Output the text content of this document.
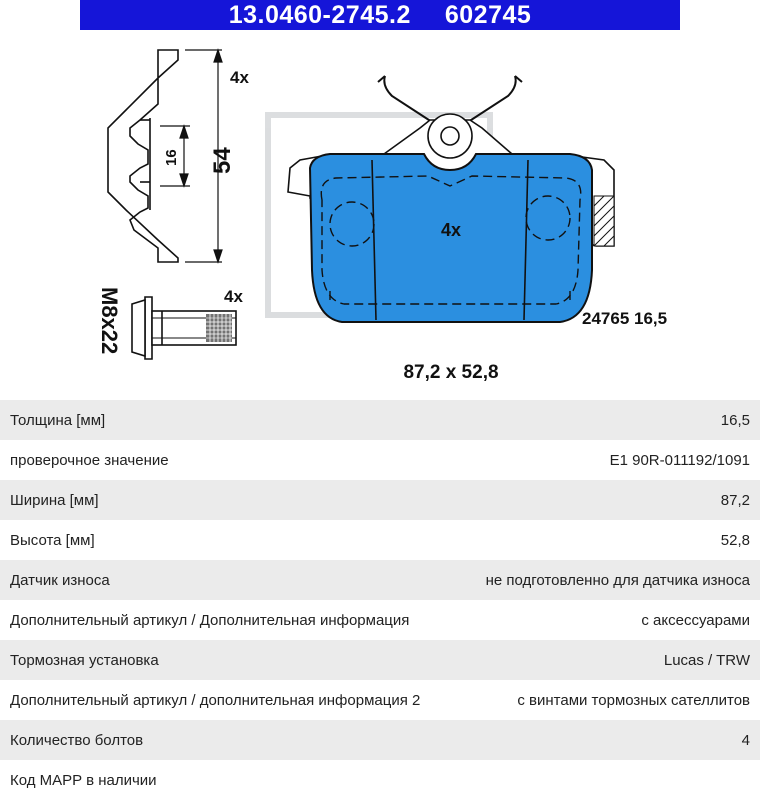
13.0460-2745.2 602745
4x
54
16
M8x22	4x
4x
24765 16,5
87,2 x 52,8
Толщина [мм]	16,5
проверочное значение	E1 90R-011192/1091
Ширина [мм]	87,2
Высота [мм]	52,8
Датчик износа	не подготовленно для датчика износа
Дополнительный артикул / Дополнительная информация	с аксессуарами
Тормозная установка	Lucas / TRW
Дополнительный артикул / дополнительная информация 2	с винтами тормозных сателлитов
Количество болтов	4
Код MAPP в наличии
